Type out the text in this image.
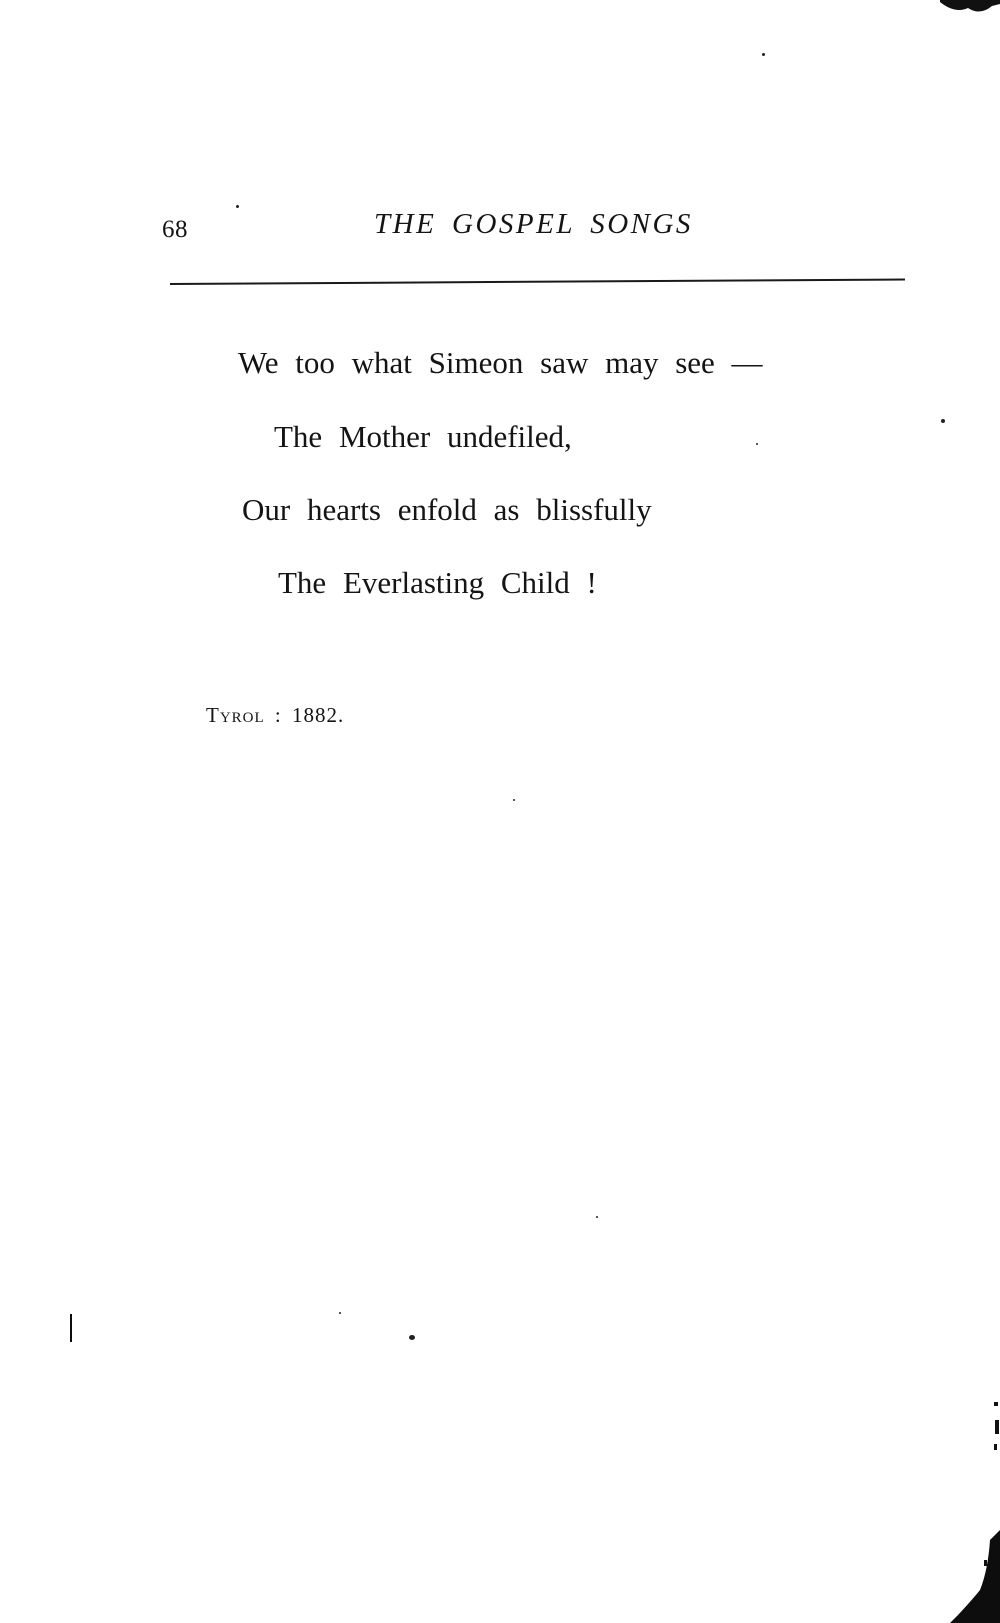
68	THE GOSPEL SONGS
We too what Simeon saw may see —
The Mother undefiled,
Our hearts enfold as blissfully
The Everlasting Child !
Tyrol : 1882.
